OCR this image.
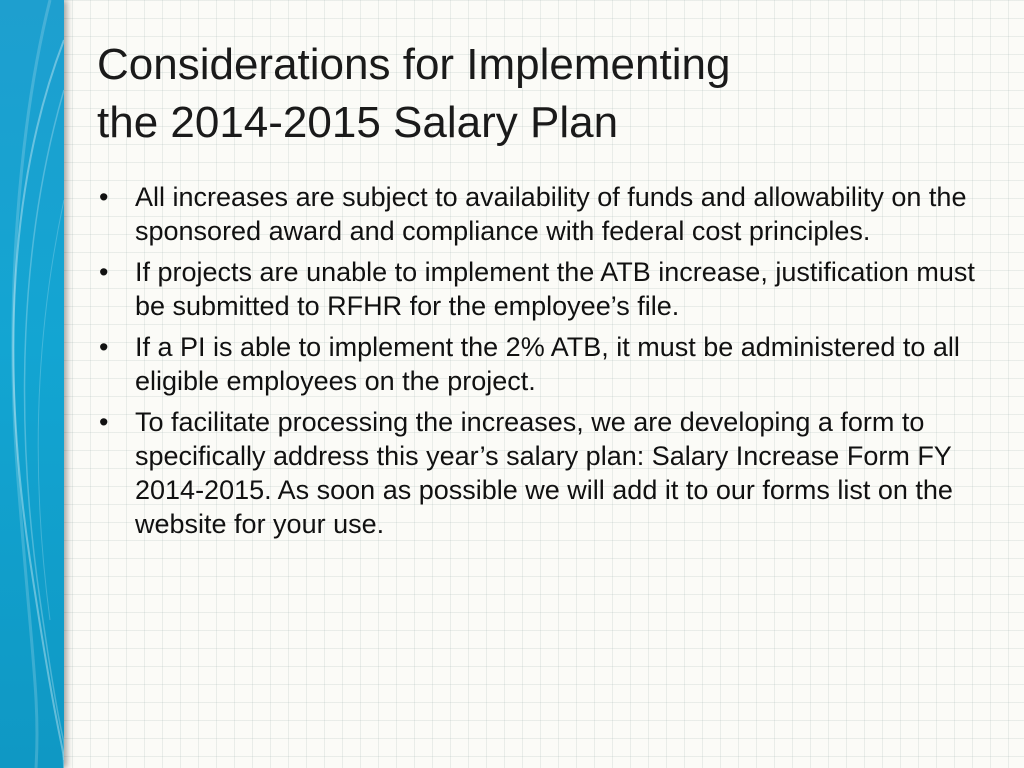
Considerations for Implementing
the 2014-2015 Salary Plan
• All increases are subject to availability of funds and allowability on the sponsored award and compliance with federal cost principles.
• If projects are unable to implement the ATB increase, justification must be submitted to RFHR for the employee’s file.
• If a PI is able to implement the 2% ATB, it must be administered to all eligible employees on the project.
• To facilitate processing the increases, we are developing a form to specifically address this year’s salary plan: Salary Increase Form FY 2014-2015. As soon as possible we will add it to our forms list on the website for your use.
